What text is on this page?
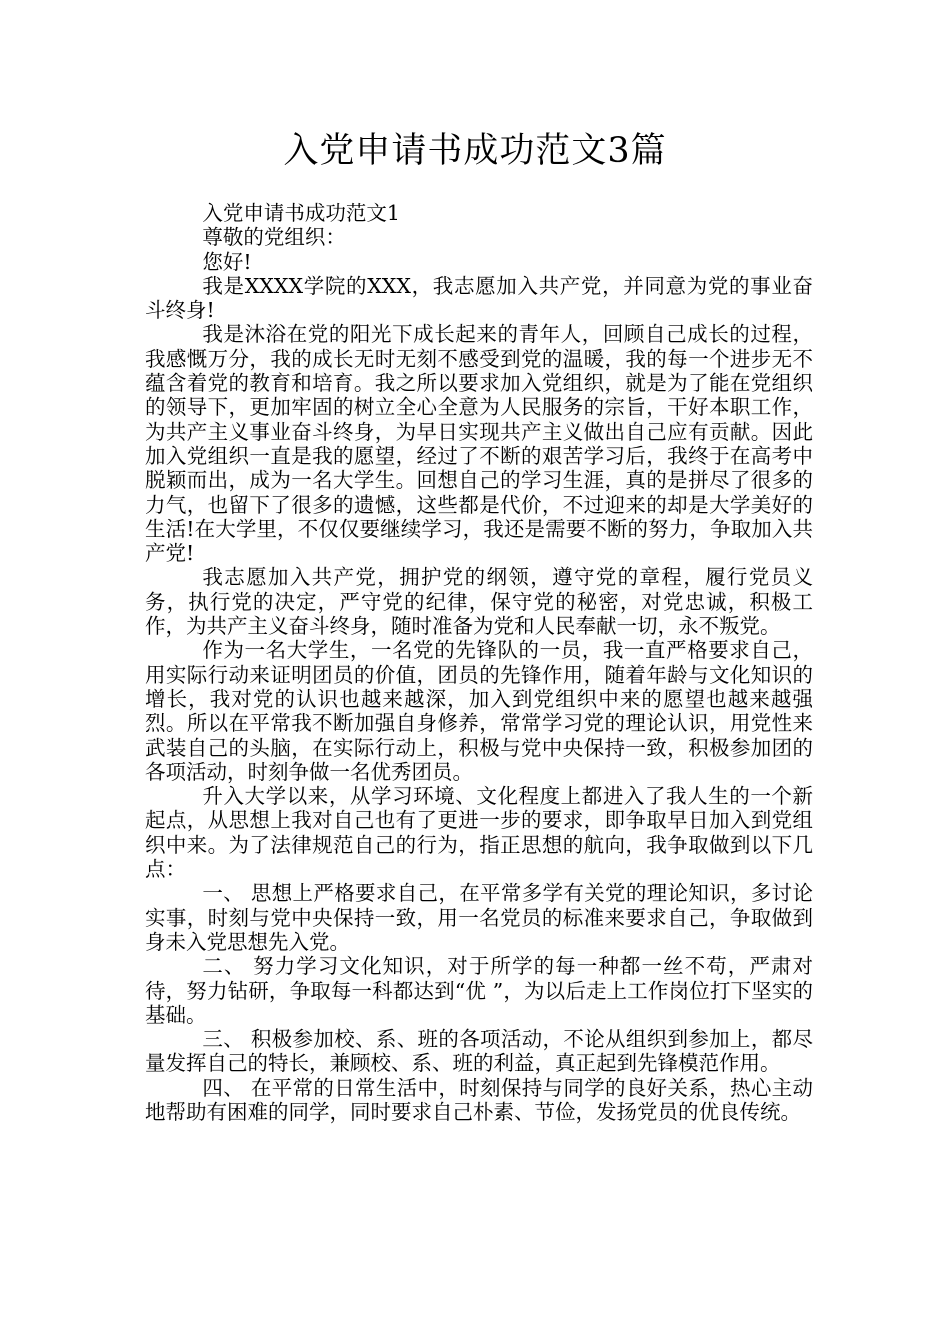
入党申请书成功范文3篇

入党申请书成功范文1

尊敬的党组织：

您好!

我是XXXX学院的XXX，我志愿加入共产党，并同意为党的事业奋斗终身!

我是沐浴在党的阳光下成长起来的青年人，回顾自己成长的过程，我感慨万分，我的成长无时无刻不感受到党的温暖，我的每一个进步无不蕴含着党的教育和培育。我之所以要求加入党组织，就是为了能在党组织的领导下，更加牢固的树立全心全意为人民服务的宗旨，干好本职工作，为共产主义事业奋斗终身，为早日实现共产主义做出自己应有贡献。因此加入党组织一直是我的愿望，经过了不断的艰苦学习后，我终于在高考中脱颖而出，成为一名大学生。回想自己的学习生涯，真的是拼尽了很多的力气，也留下了很多的遗憾，这些都是代价，不过迎来的却是大学美好的生活!在大学里，不仅仅要继续学习，我还是需要不断的努力，争取加入共产党!

我志愿加入共产党，拥护党的纲领，遵守党的章程，履行党员义务，执行党的决定，严守党的纪律，保守党的秘密，对党忠诚，积极工作，为共产主义奋斗终身，随时准备为党和人民奉献一切，永不叛党。

作为一名大学生，一名党的先锋队的一员，我一直严格要求自己，用实际行动来证明团员的价值，团员的先锋作用，随着年龄与文化知识的增长，我对党的认识也越来越深，加入到党组织中来的愿望也越来越强烈。所以在平常我不断加强自身修养，常常学习党的理论认识，用党性来武装自己的头脑，在实际行动上，积极与党中央保持一致，积极参加团的各项活动，时刻争做一名优秀团员。

升入大学以来，从学习环境、文化程度上都进入了我人生的一个新起点，从思想上我对自己也有了更进一步的要求，即争取早日加入到党组织中来。为了法律规范自己的行为，指正思想的航向，我争取做到以下几点：

一、 思想上严格要求自己，在平常多学有关党的理论知识，多讨论实事，时刻与党中央保持一致，用一名党员的标准来要求自己，争取做到身未入党思想先入党。

二、 努力学习文化知识，对于所学的每一种都一丝不苟，严肃对待，努力钻研，争取每一科都达到“优 ”，为以后走上工作岗位打下坚实的基础。

三、 积极参加校、系、班的各项活动，不论从组织到参加上，都尽量发挥自己的特长，兼顾校、系、班的利益，真正起到先锋模范作用。

四、 在平常的日常生活中，时刻保持与同学的良好关系，热心主动地帮助有困难的同学，同时要求自己朴素、节俭，发扬党员的优良传统。
